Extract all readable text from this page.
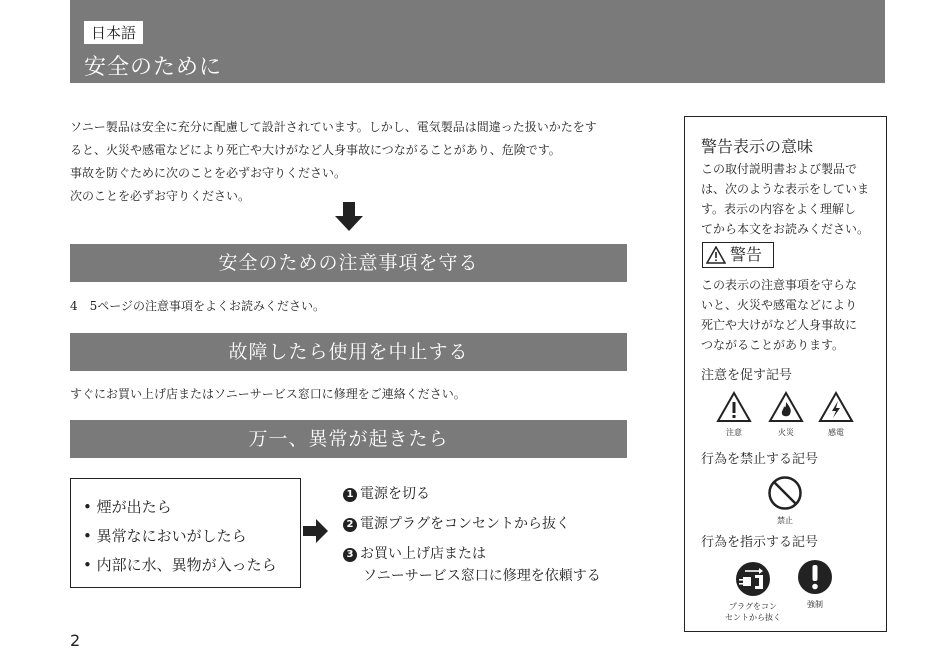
日本語
安全のために
ソニー製品は安全に充分に配慮して設計されています。しかし、電気製品は間違った扱いかたをす
ると、火災や感電などにより死亡や大けがなど人身事故につながることがあり、危険です。
事故を防ぐために次のことを必ずお守りください。
次のことを必ずお守りください。
安全のための注意事項を守る
4　5ページの注意事項をよくお読みください。
故障したら使用を中止する
すぐにお買い上げ店またはソニーサービス窓口に修理をご連絡ください。
万一、異常が起きたら
• 煙が出たら
• 異常なにおいがしたら
• 内部に水、異物が入ったら
1 電源を切る
2 電源プラグをコンセントから抜く
3 お買い上げ店または
ソニーサービス窓口に修理を依頼する
2
警告表示の意味
この取付説明書および製品で
は、次のような表示をしていま
す。表示の内容をよく理解し
てから本文をお読みください。
警告
この表示の注意事項を守らな
いと、火災や感電などにより
死亡や大けがなど人身事故に
つながることがあります。
注意を促す記号
注意	火災	感電
行為を禁止する記号
禁止
行為を指示する記号
プラグをコン
セントから抜く
強制
